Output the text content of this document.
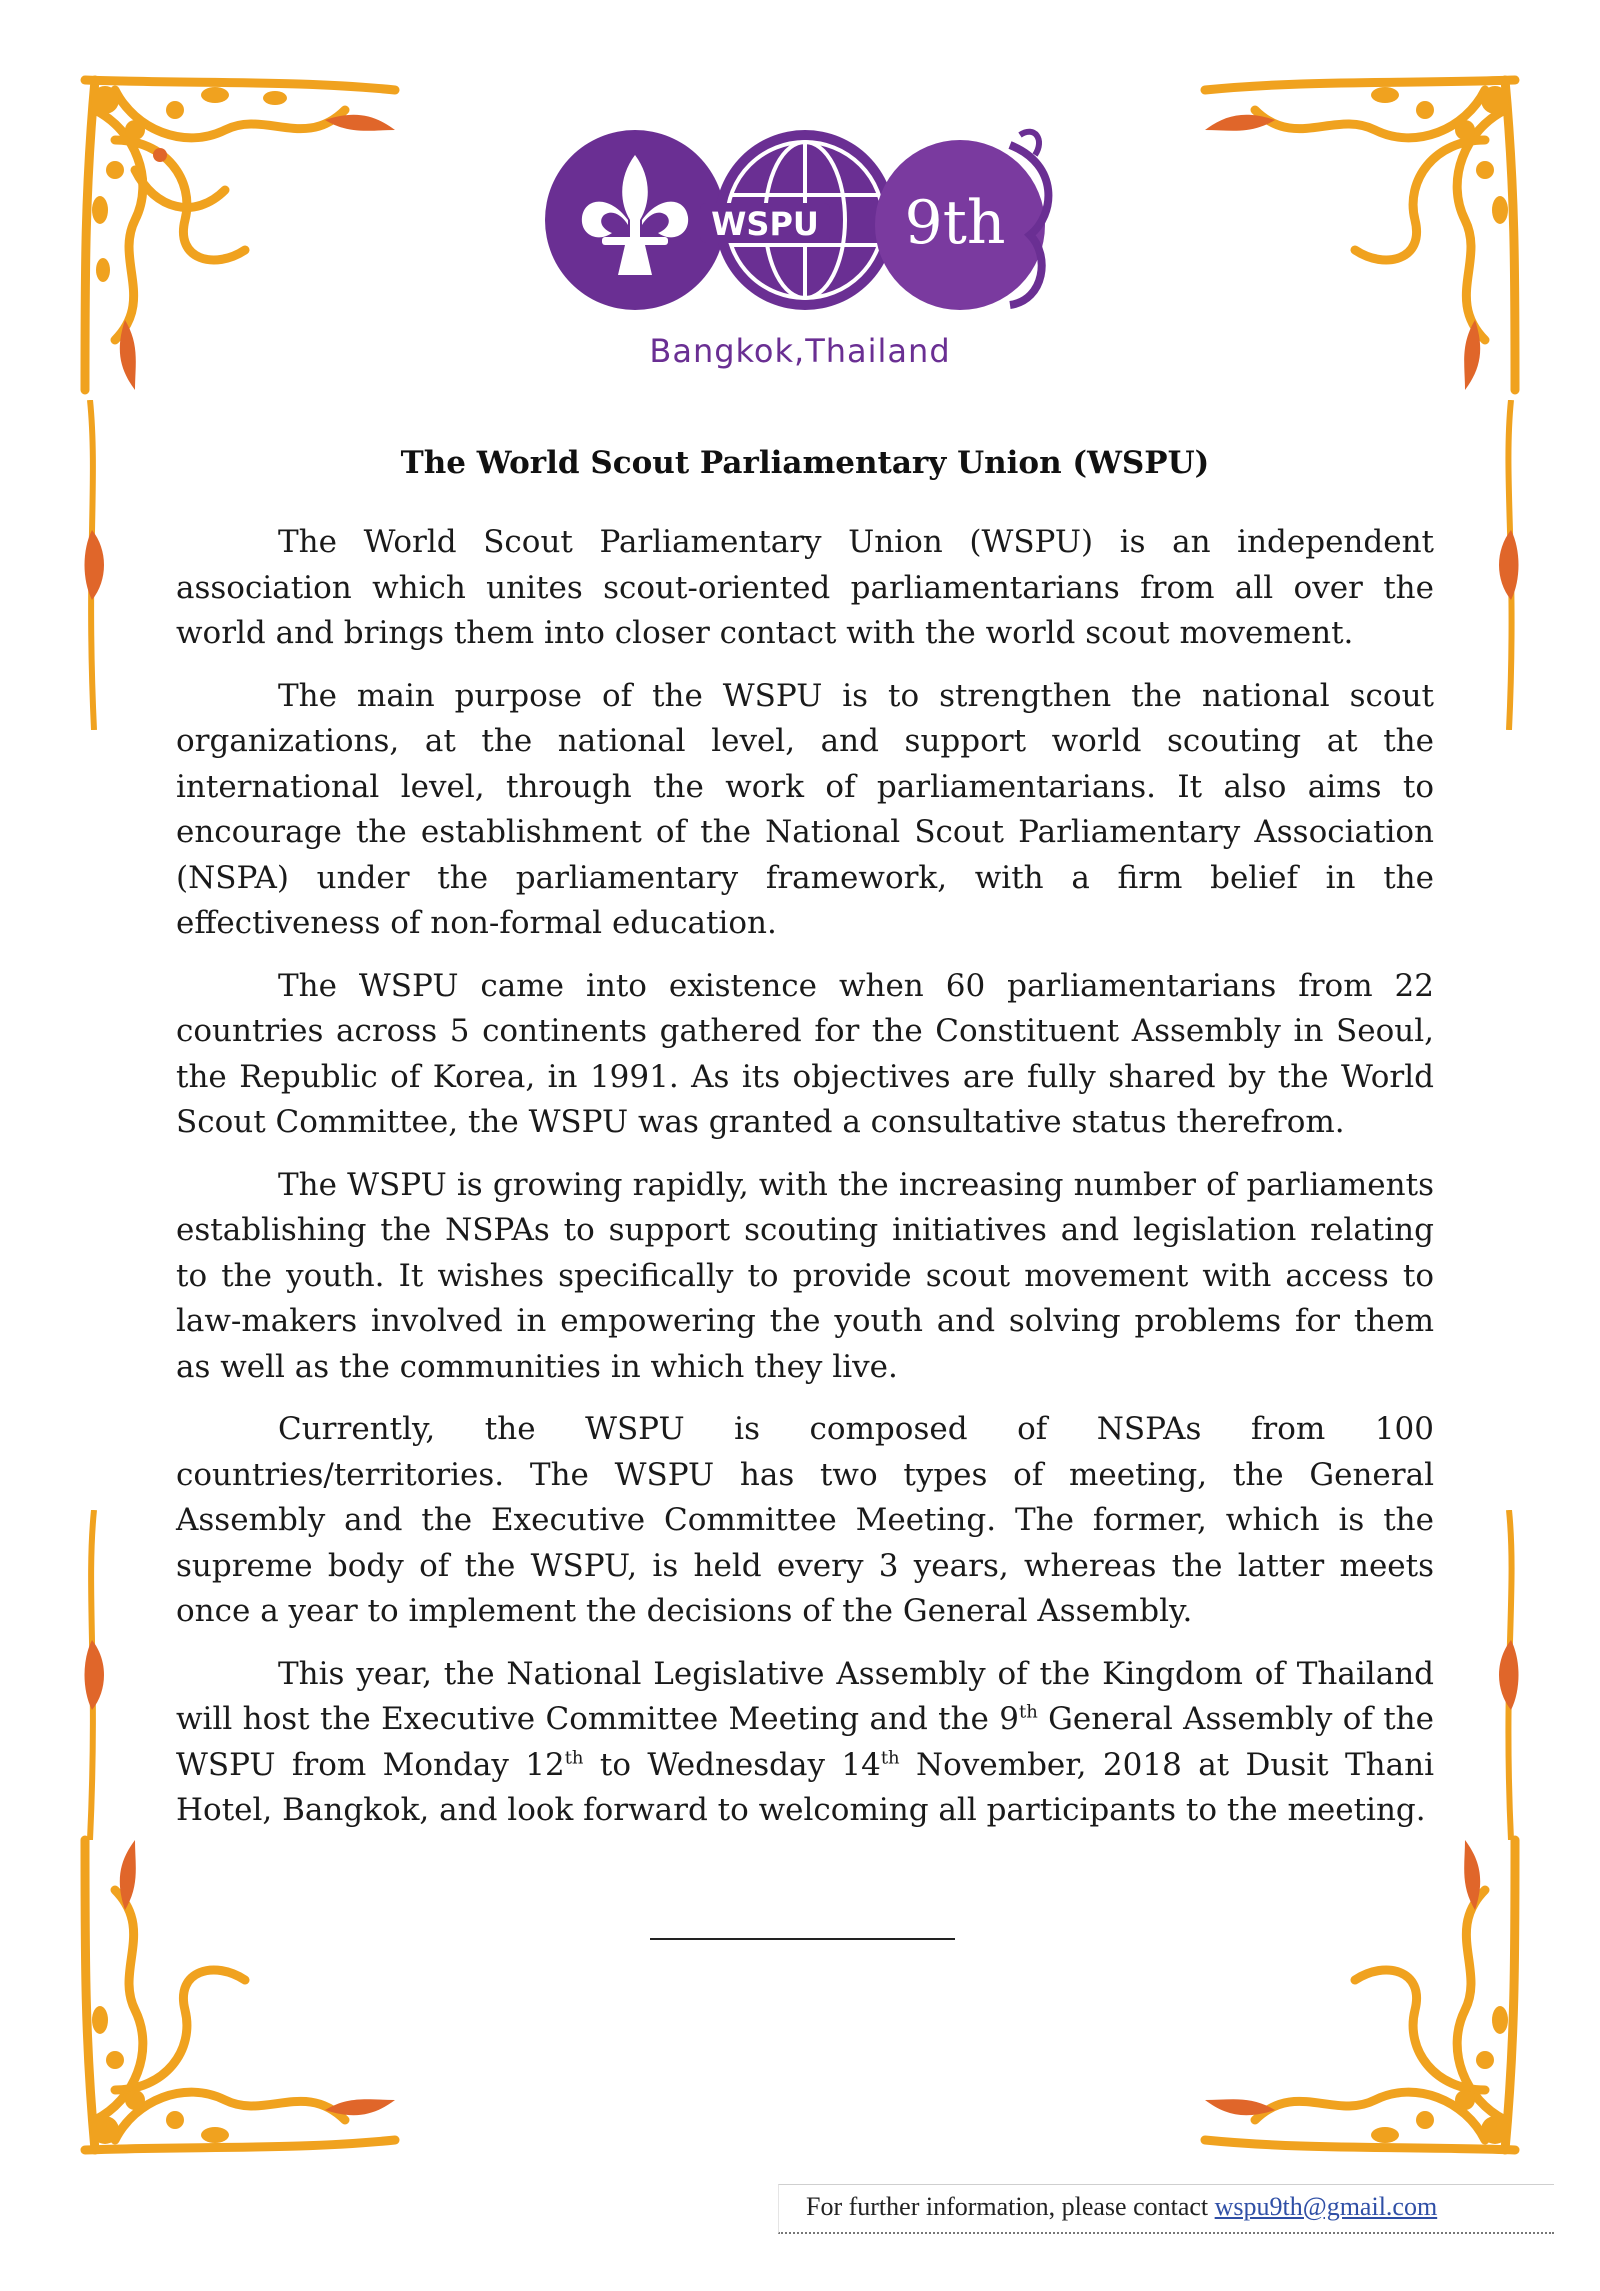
WSPU 9th
Bangkok,Thailand
The World Scout Parliamentary Union (WSPU)

The World Scout Parliamentary Union (WSPU) is an independent association which unites scout-oriented parliamentarians from all over the world and brings them into closer contact with the world scout movement.

The main purpose of the WSPU is to strengthen the national scout organizations, at the national level, and support world scouting at the international level, through the work of parliamentarians. It also aims to encourage the establishment of the National Scout Parliamentary Association (NSPA) under the parliamentary framework, with a firm belief in the effectiveness of non-formal education.

The WSPU came into existence when 60 parliamentarians from 22 countries across 5 continents gathered for the Constituent Assembly in Seoul, the Republic of Korea, in 1991. As its objectives are fully shared by the World Scout Committee, the WSPU was granted a consultative status therefrom.

The WSPU is growing rapidly, with the increasing number of parliaments establishing the NSPAs to support scouting initiatives and legislation relating to the youth. It wishes specifically to provide scout movement with access to law-makers involved in empowering the youth and solving problems for them as well as the communities in which they live.

Currently, the WSPU is composed of NSPAs from 100 countries/territories. The WSPU has two types of meeting, the General Assembly and the Executive Committee Meeting. The former, which is the supreme body of the WSPU, is held every 3 years, whereas the latter meets once a year to implement the decisions of the General Assembly.

This year, the National Legislative Assembly of the Kingdom of Thailand will host the Executive Committee Meeting and the 9th General Assembly of the WSPU from Monday 12th to Wednesday 14th November, 2018 at Dusit Thani Hotel, Bangkok, and look forward to welcoming all participants to the meeting.

For further information, please contact wspu9th@gmail.com
